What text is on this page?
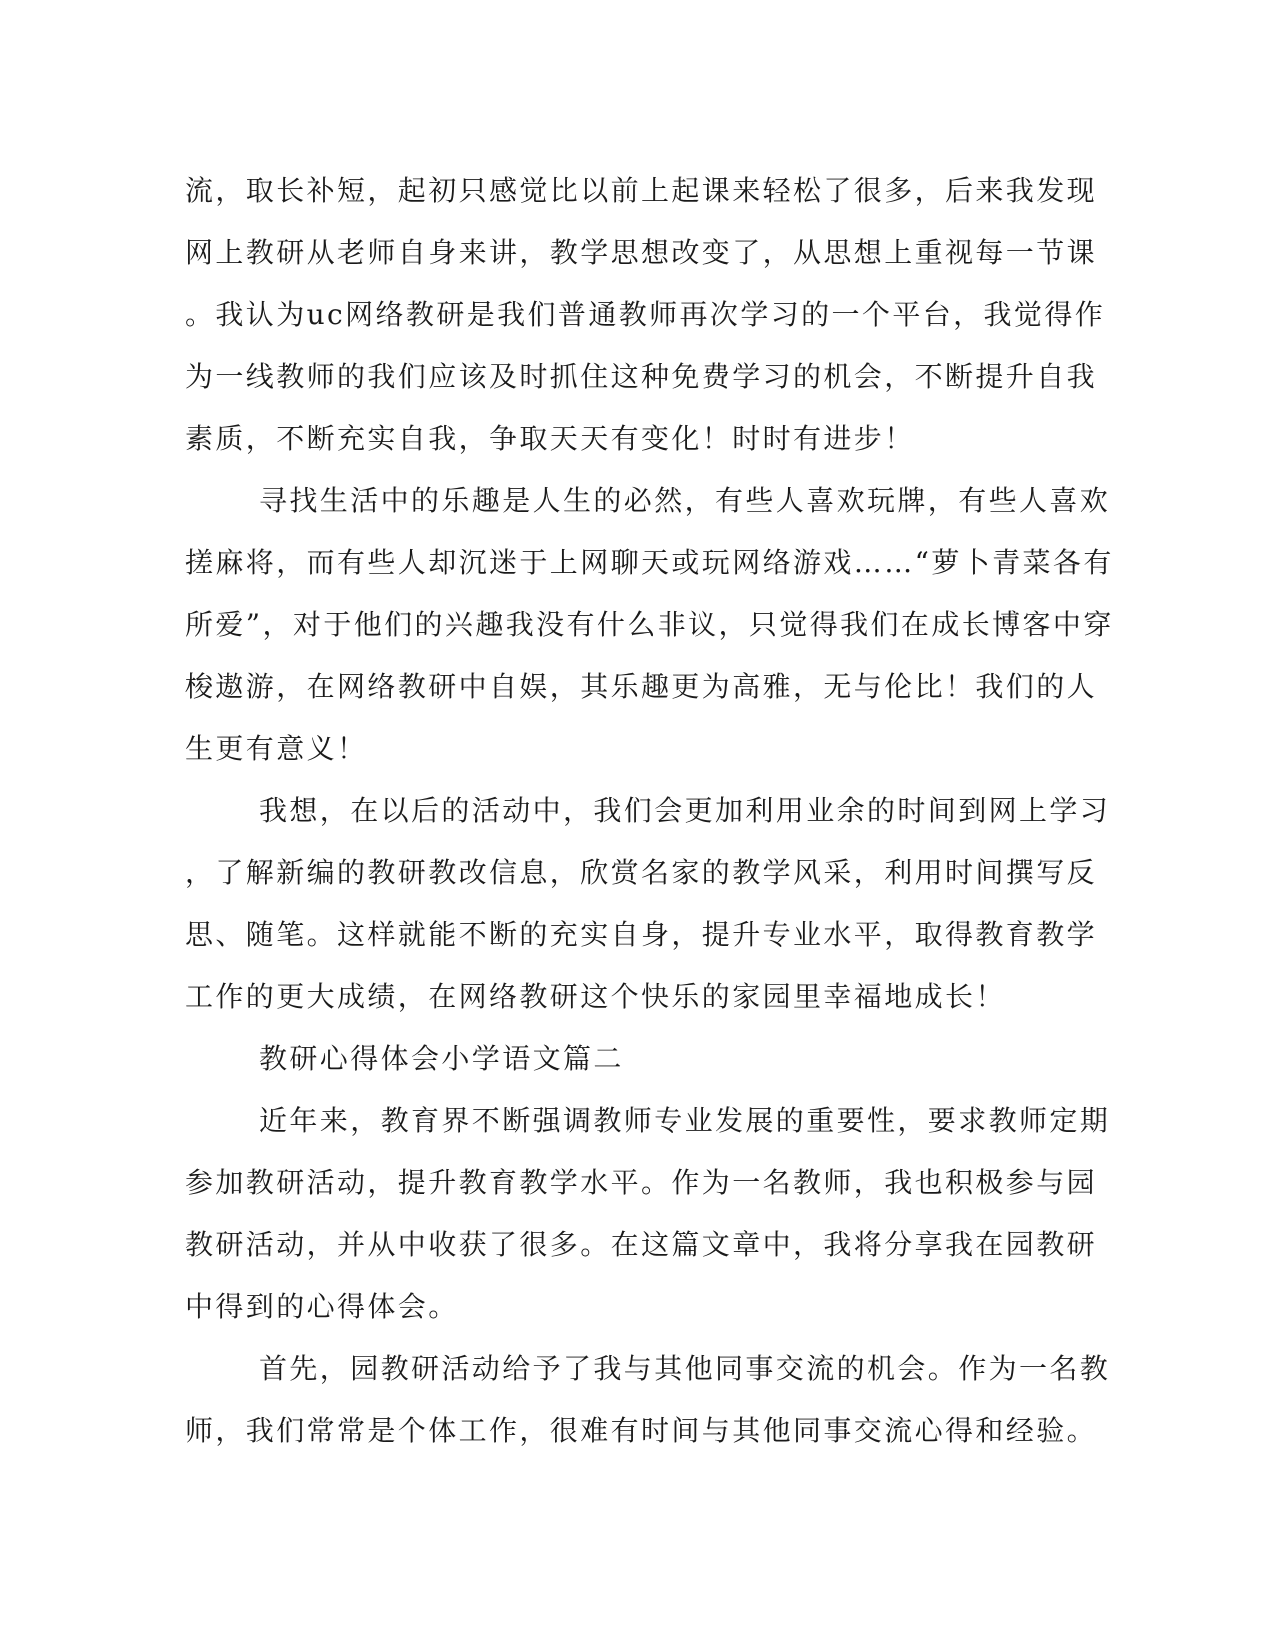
流，取长补短，起初只感觉比以前上起课来轻松了很多，后来我发现
网上教研从老师自身来讲，教学思想改变了，从思想上重视每一节课
。我认为uc网络教研是我们普通教师再次学习的一个平台，我觉得作
为一线教师的我们应该及时抓住这种免费学习的机会，不断提升自我
素质，不断充实自我，争取天天有变化！时时有进步！
寻找生活中的乐趣是人生的必然，有些人喜欢玩牌，有些人喜欢
搓麻将，而有些人却沉迷于上网聊天或玩网络游戏……“萝卜青菜各有
所爱”，对于他们的兴趣我没有什么非议，只觉得我们在成长博客中穿
梭遨游，在网络教研中自娱，其乐趣更为高雅，无与伦比！我们的人
生更有意义！
我想，在以后的活动中，我们会更加利用业余的时间到网上学习
，了解新编的教研教改信息，欣赏名家的教学风采，利用时间撰写反
思、随笔。这样就能不断的充实自身，提升专业水平，取得教育教学
工作的更大成绩，在网络教研这个快乐的家园里幸福地成长！
教研心得体会小学语文篇二
近年来，教育界不断强调教师专业发展的重要性，要求教师定期
参加教研活动，提升教育教学水平。作为一名教师，我也积极参与园
教研活动，并从中收获了很多。在这篇文章中，我将分享我在园教研
中得到的心得体会。
首先，园教研活动给予了我与其他同事交流的机会。作为一名教
师，我们常常是个体工作，很难有时间与其他同事交流心得和经验。
